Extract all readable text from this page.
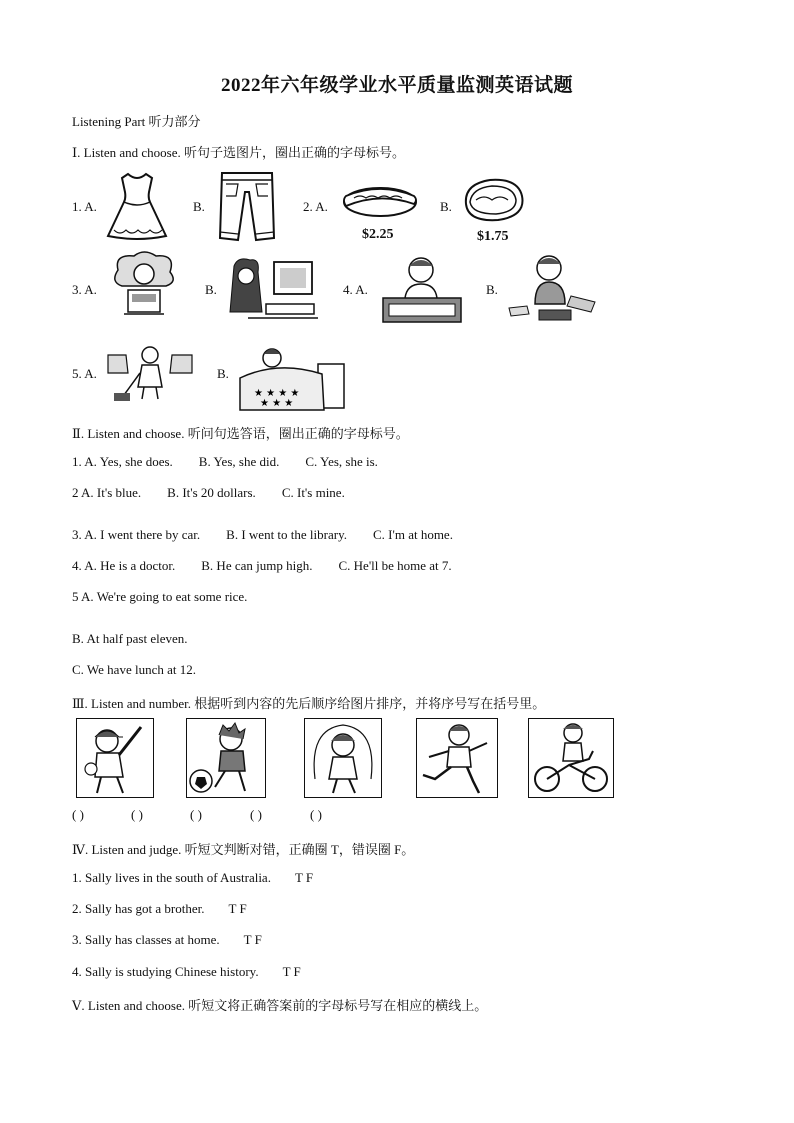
2022年六年级学业水平质量监测英语试题
Listening Part 听力部分
Ⅰ. Listen and choose. 听句子选图片，圈出正确的字母标号。
1. A.	B.	2. A.
$2.25
B.
$1.75
3. A.	B.	4. A.	B.
5. A.	B.
★ ★ ★ ★
★ ★ ★
Ⅱ. Listen and choose. 听问句选答语，圈出正确的字母标号。
1. A. Yes, she does. B. Yes, she did. C. Yes, she is.
2 A. It's blue. B. It's 20 dollars. C. It's mine.
3. A. I went there by car. B. I went to the library. C. I'm at home.
4. A. He is a doctor. B. He can jump high. C. He'll be home at 7.
5 A. We're going to eat some rice.
B. At half past eleven.
C. We have lunch at 12.
Ⅲ. Listen and number. 根据听到内容的先后顺序给图片排序，并将序号写在括号里。
( )	( )	( )	( )	( )
Ⅳ. Listen and judge. 听短文判断对错，正确圈 T，错误圈 F。
1. Sally lives in the south of Australia. T F
2. Sally has got a brother. T F
3. Sally has classes at home. T F
4. Sally is studying Chinese history. T F
Ⅴ. Listen and choose. 听短文将正确答案前的字母标号写在相应的横线上。
